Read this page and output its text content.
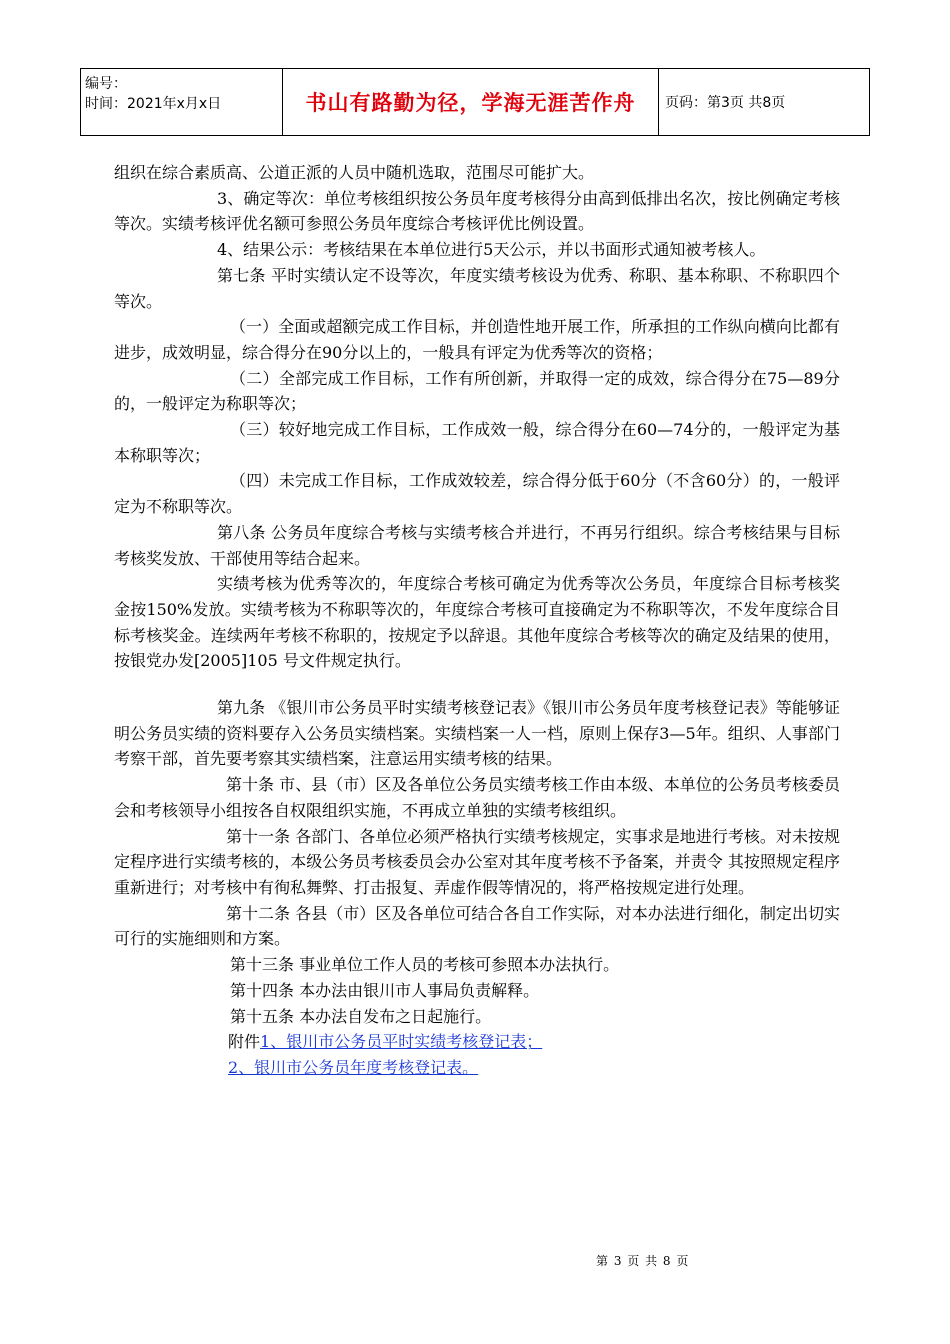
编号：
时间：2021年x月x日	书山有路勤为径，学海无涯苦作舟	页码：第3页 共8页

组织在综合素质高、公道正派的人员中随机选取，范围尽可能扩大。

3、确定等次：单位考核组织按公务员年度考核得分由高到低排出名次，按比例确定考核等次。实绩考核评优名额可参照公务员年度综合考核评优比例设置。

4、结果公示：考核结果在本单位进行5天公示，并以书面形式通知被考核人。

第七条 平时实绩认定不设等次，年度实绩考核设为优秀、称职、基本称职、不称职四个等次。

（一）全面或超额完成工作目标，并创造性地开展工作，所承担的工作纵向横向比都有进步，成效明显，综合得分在90分以上的，一般具有评定为优秀等次的资格；

（二）全部完成工作目标，工作有所创新，并取得一定的成效，综合得分在75—89分的，一般评定为称职等次；

（三）较好地完成工作目标，工作成效一般，综合得分在60—74分的，一般评定为基本称职等次；

（四）未完成工作目标，工作成效较差，综合得分低于60分（不含60分）的，一般评定为不称职等次。

第八条 公务员年度综合考核与实绩考核合并进行，不再另行组织。综合考核结果与目标考核奖发放、干部使用等结合起来。

实绩考核为优秀等次的，年度综合考核可确定为优秀等次公务员，年度综合目标考核奖金按150%发放。实绩考核为不称职等次的，年度综合考核可直接确定为不称职等次，不发年度综合目标考核奖金。连续两年考核不称职的，按规定予以辞退。其他年度综合考核等次的确定及结果的使用，按银党办发[2005]105 号文件规定执行。

第九条 《银川市公务员平时实绩考核登记表》《银川市公务员年度考核登记表》等能够证明公务员实绩的资料要存入公务员实绩档案。实绩档案一人一档，原则上保存3—5年。组织、人事部门考察干部，首先要考察其实绩档案，注意运用实绩考核的结果。

第十条 市、县（市）区及各单位公务员实绩考核工作由本级、本单位的公务员考核委员会和考核领导小组按各自权限组织实施，不再成立单独的实绩考核组织。

第十一条 各部门、各单位必须严格执行实绩考核规定，实事求是地进行考核。对未按规定程序进行实绩考核的，本级公务员考核委员会办公室对其年度考核不予备案，并责令 其按照规定程序重新进行；对考核中有徇私舞弊、打击报复、弄虚作假等情况的，将严格按规定进行处理。

第十二条 各县（市）区及各单位可结合各自工作实际，对本办法进行细化，制定出切实可行的实施细则和方案。

第十三条 事业单位工作人员的考核可参照本办法执行。

第十四条 本办法由银川市人事局负责解释。

第十五条 本办法自发布之日起施行。

附件1、银川市公务员平时实绩考核登记表；
2、银川市公务员年度考核登记表。
第 3 页 共 8 页
